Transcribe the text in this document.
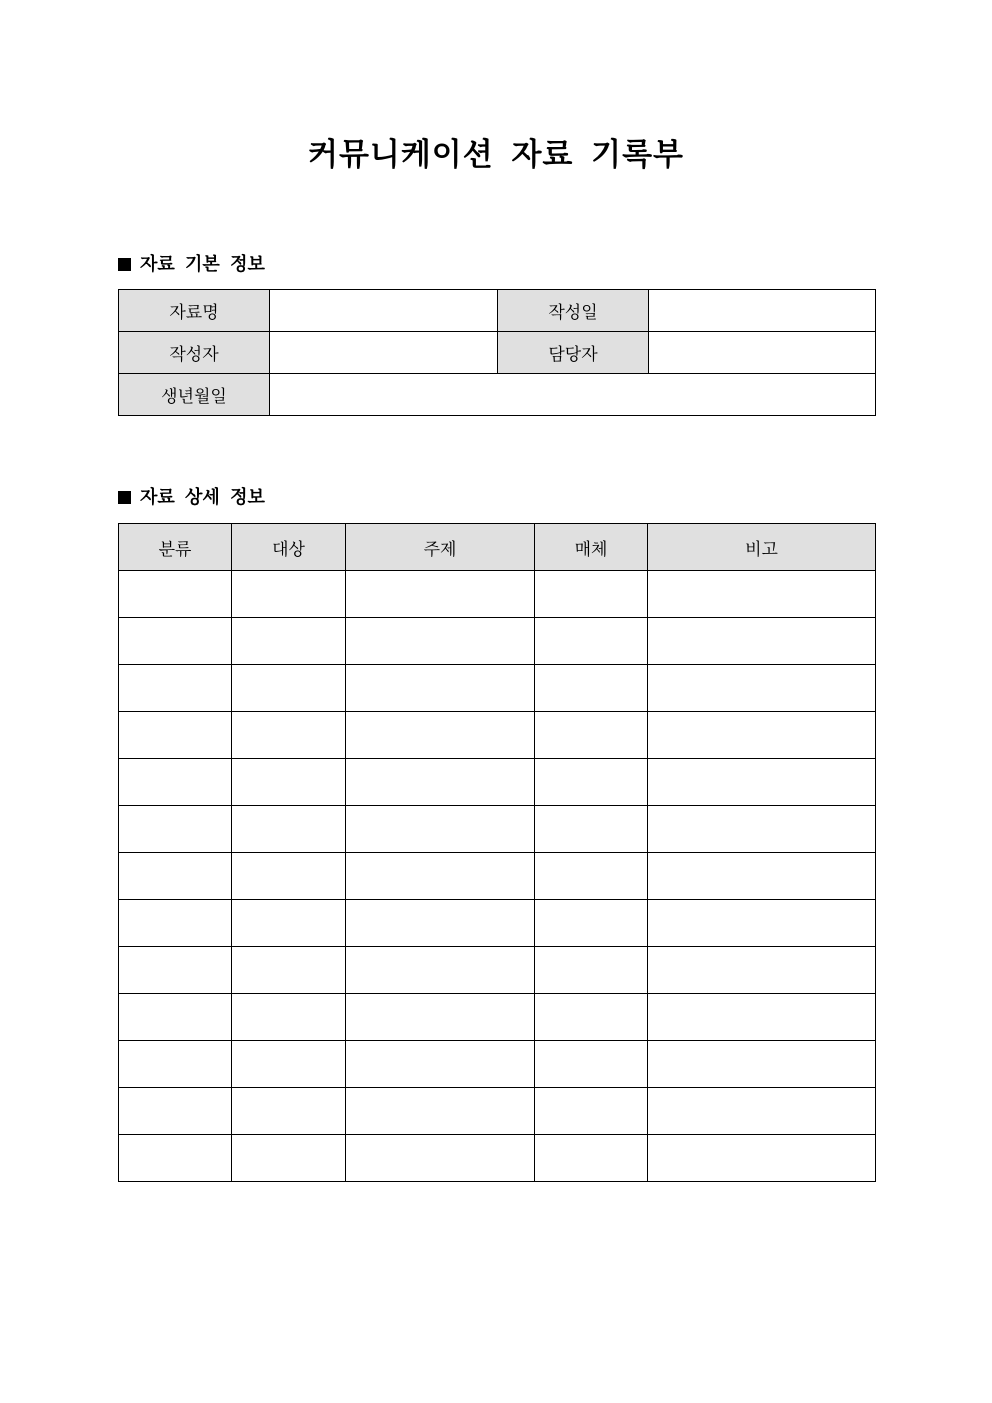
커뮤니케이션 자료 기록부
자료 기본 정보
자료명		작성일	
작성자		담당자	
생년월일			
자료 상세 정보
분류	대상	주제	매체	비고
